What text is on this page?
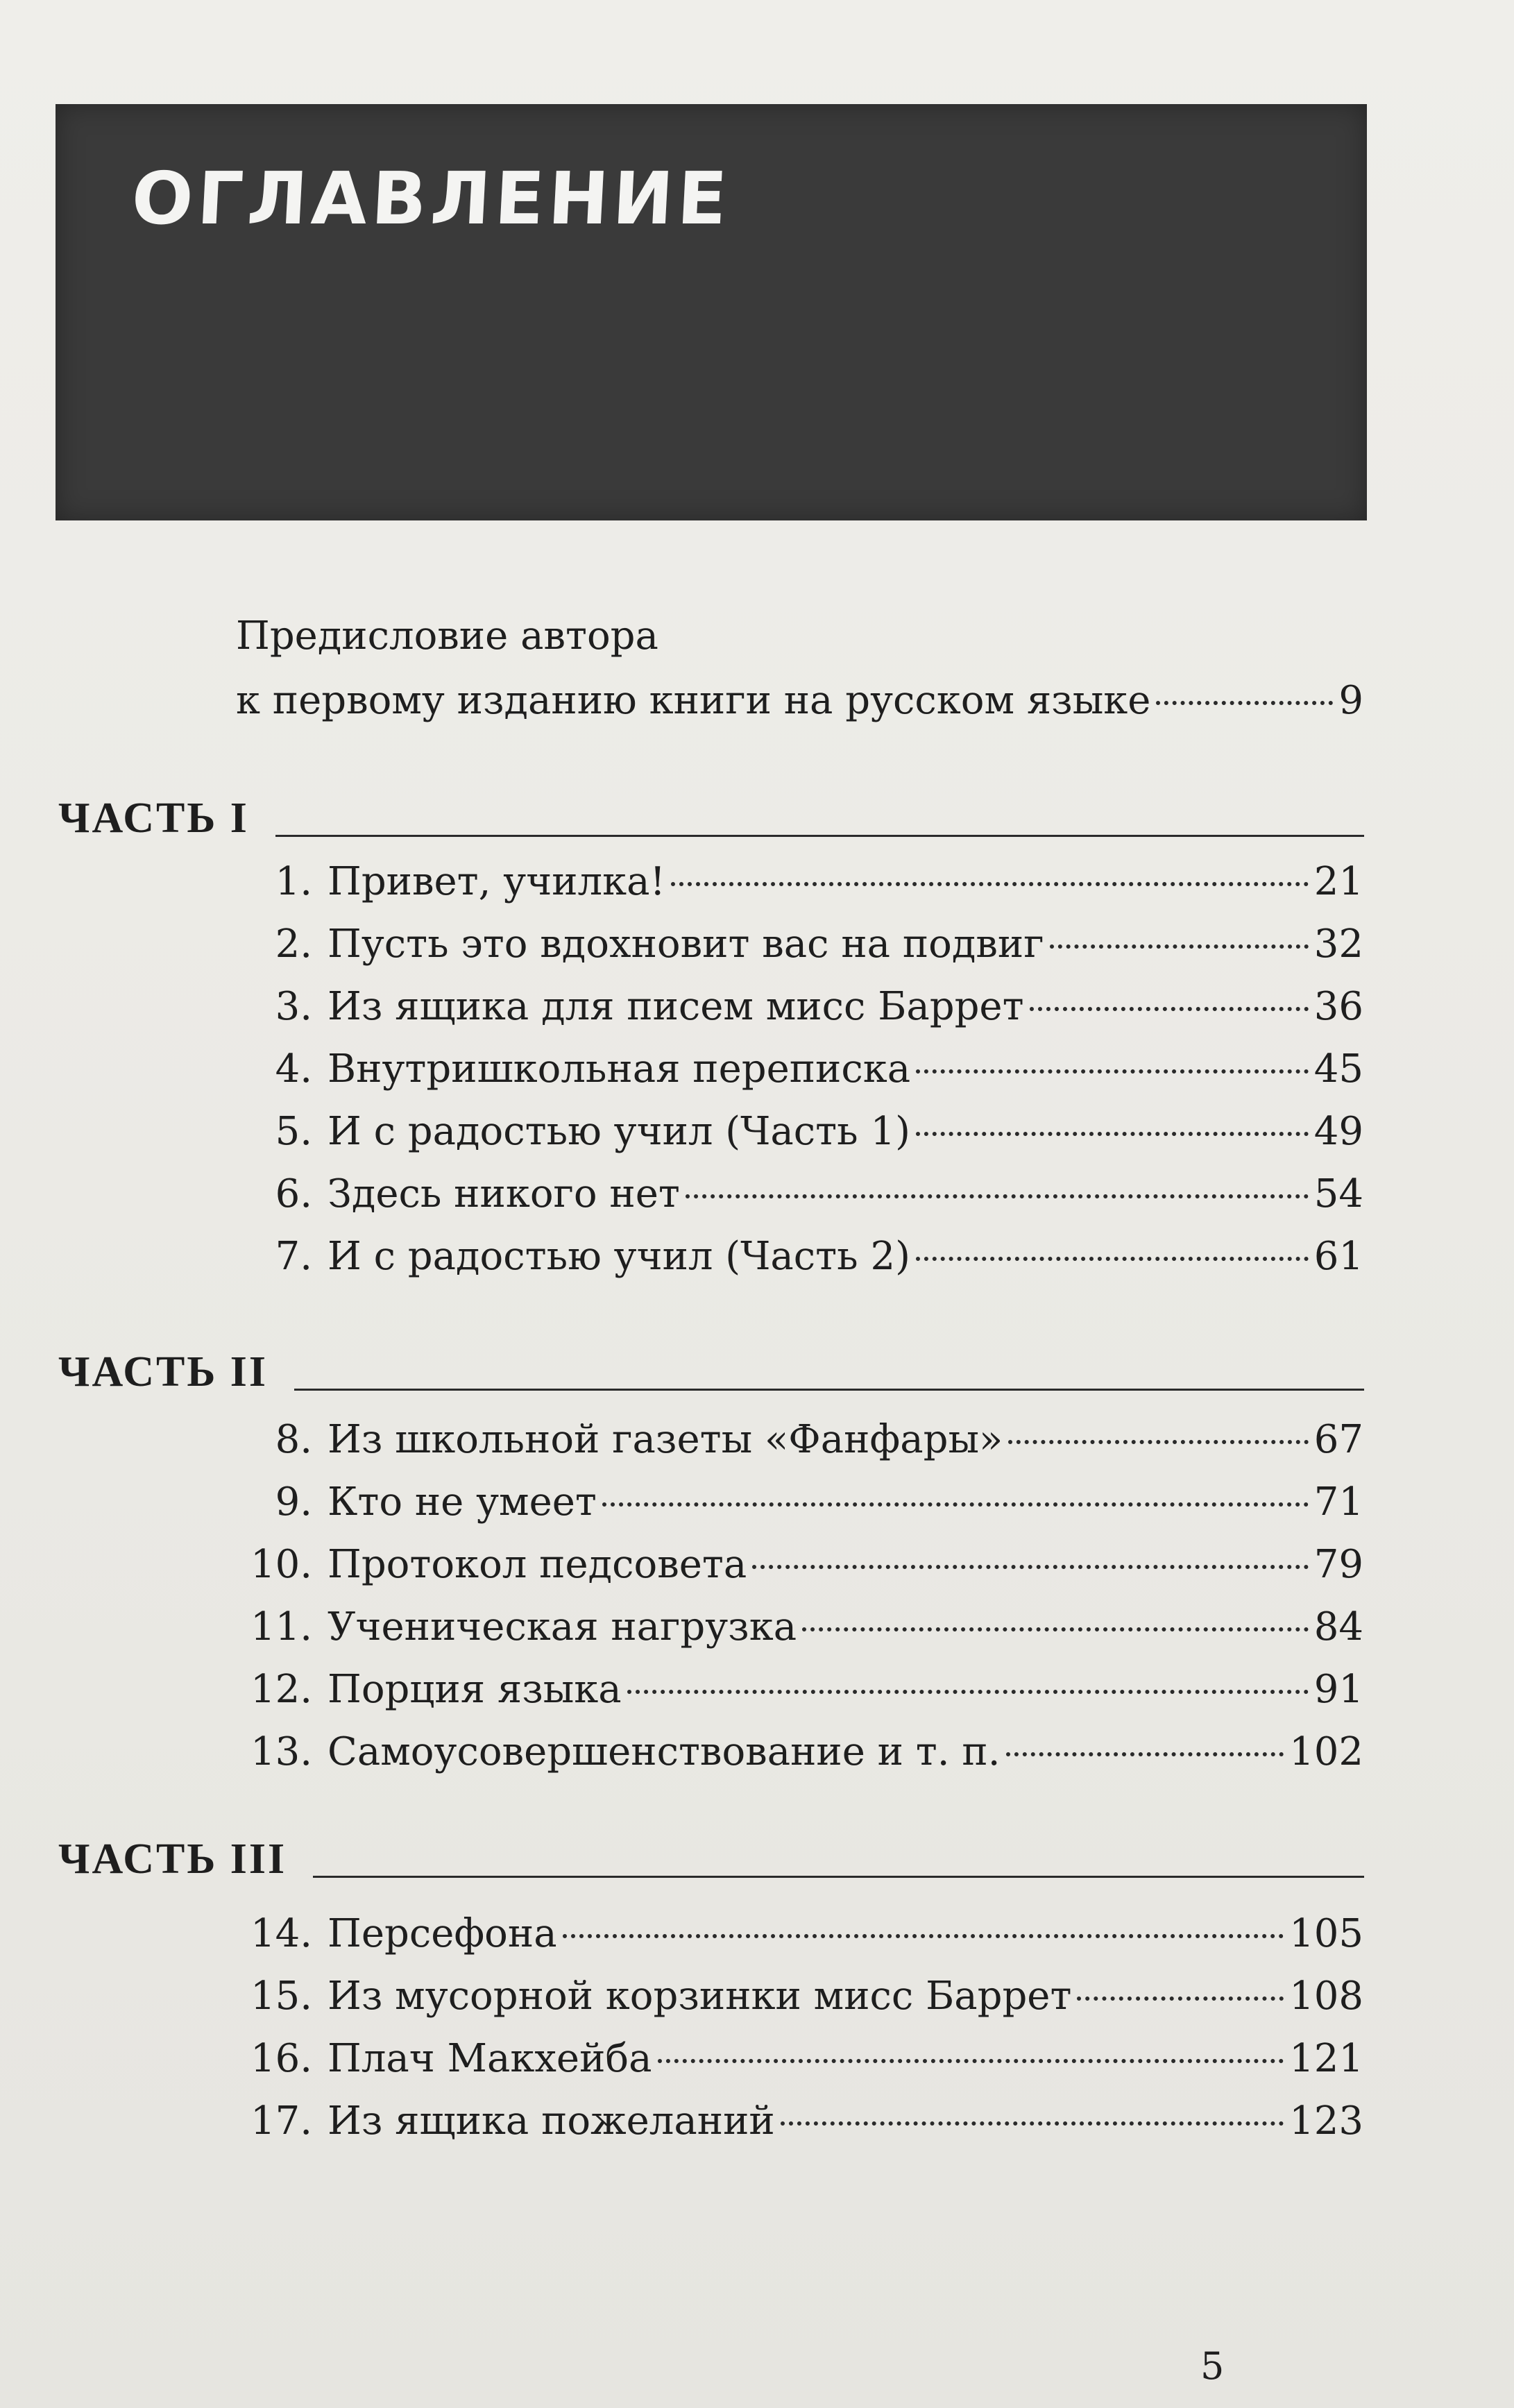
ОГЛАВЛЕНИЕ
Предисловие автора
к первому изданию книги на русском языке	9
ЧАСТЬ I
1. Привет, училка!	21
2. Пусть это вдохновит вас на подвиг	32
3. Из ящика для писем мисс Баррет	36
4. Внутришкольная переписка	45
5. И с радостью учил (Часть 1)	49
6. Здесь никого нет	54
7. И с радостью учил (Часть 2)	61
ЧАСТЬ II
8. Из школьной газеты «Фанфары»	67
9. Кто не умеет	71
10. Протокол педсовета	79
11. Ученическая нагрузка	84
12. Порция языка	91
13. Самоусовершенствование и т. п.	102
ЧАСТЬ III
14. Персефона	105
15. Из мусорной корзинки мисс Баррет	108
16. Плач Макхейба	121
17. Из ящика пожеланий	123
5
